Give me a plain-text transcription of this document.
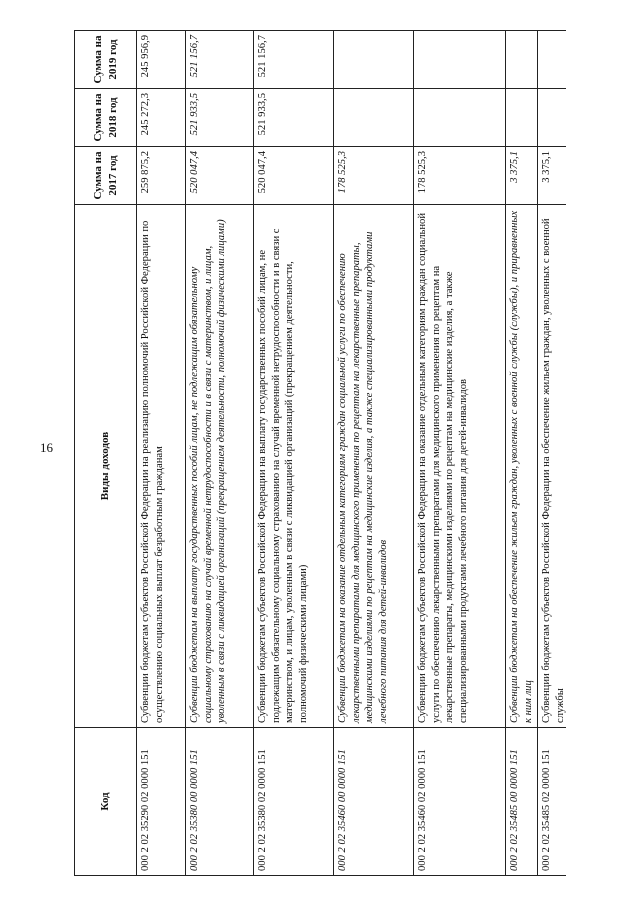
16
Код	Виды доходов	Сумма на 2017 год	Сумма на 2018 год	Сумма на 2019 год
000 2 02 35290 02 0000 151	Субвенции бюджетам субъектов Российской Федерации на реализацию полномочий Российской Федерации по осуществлению социальных выплат безработным гражданам	259 875,2	245 272,3	245 956,9
000 2 02 35380 00 0000 151	Субвенции бюджетам на выплату государственных пособий лицам, не подлежащим обязательному социальному страхованию на случай временной нетрудоспособности и в связи с материнством, и лицам, уволенным в связи с ликвидацией организаций (прекращением деятельности, полномочий физическими лицами)	520 047,4	521 933,5	521 156,7
000 2 02 35380 02 0000 151	Субвенции бюджетам субъектов Российской Федерации на выплату государственных пособий лицам, не подлежащим обязательному социальному страхованию на случай временной нетрудоспособности и в связи с материнством, и лицам, уволенным в связи с ликвидацией организаций (прекращением деятельности, полномочий физическими лицами)	520 047,4	521 933,5	521 156,7
000 2 02 35460 00 0000 151	Субвенции бюджетам на оказание отдельным категориям граждан социальной услуги по обеспечению лекарственными препаратами для медицинского применения по рецептам на лекарственные препараты, медицинскими изделиями по рецептам на медицинские изделия, а также специализированными продуктами лечебного питания для детей-инвалидов	178 525,3		
000 2 02 35460 02 0000 151	Субвенции бюджетам субъектов Российской Федерации на оказание отдельным категориям граждан социальной услуги по обеспечению лекарственными препаратами для медицинского применения по рецептам на лекарственные препараты, медицинскими изделиями по рецептам на медицинские изделия, а также специализированными продуктами лечебного питания для детей-инвалидов	178 525,3		
000 2 02 35485 00 0000 151	Субвенции бюджетам на обеспечение жильем граждан, уволенных с военной службы (службы), и приравненных к ним лиц	3 375,1		
000 2 02 35485 02 0000 151	Субвенции бюджетам субъектов Российской Федерации на обеспечение жильем граждан, уволенных с военной службы	3 375,1		
